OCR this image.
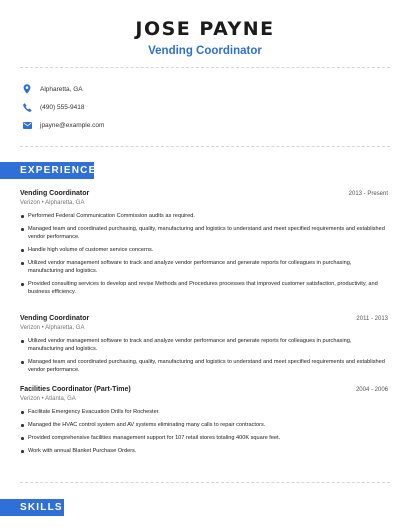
JOSE PAYNE
Vending Coordinator
Alpharetta, GA
(490) 555-9418
jpayne@example.com
EXPERIENCE
Vending Coordinator	2013 - Present
Verizon • Alpharetta, GA
Performed Federal Communication Commission audits as required.
Managed team and coordinated purchasing, quality, manufacturing and logistics to understand and meet specified requirements and established vendor performance.
Handle high volume of customer service concerns.
Utilized vendor management software to track and analyze vendor performance and generate reports for colleagues in purchasing, manufacturing and logistics.
Provided consulting services to develop and revise Methods and Procedures processes that improved customer satisfaction, productivity, and business efficiency.
Vending Coordinator	2011 - 2013
Verizon • Alpharetta, GA
Utilized vendor management software to track and analyze vendor performance and generate reports for colleagues in purchasing, manufacturing and logistics.
Managed team and coordinated purchasing, quality, manufacturing and logistics to understand and meet specified requirements and established vendor performance.
Facilities Coordinator (Part-Time)	2004 - 2006
Verizon • Atlanta, GA
Facilitate Emergency Evacuation Drills for Rochester.
Managed the HVAC control system and AV systems eliminating many calls to repair contractors.
Provided comprehensive facilities management support for 107 retail stores totaling 400K square feet.
Work with annual Blanket Purchase Orders.
SKILLS
